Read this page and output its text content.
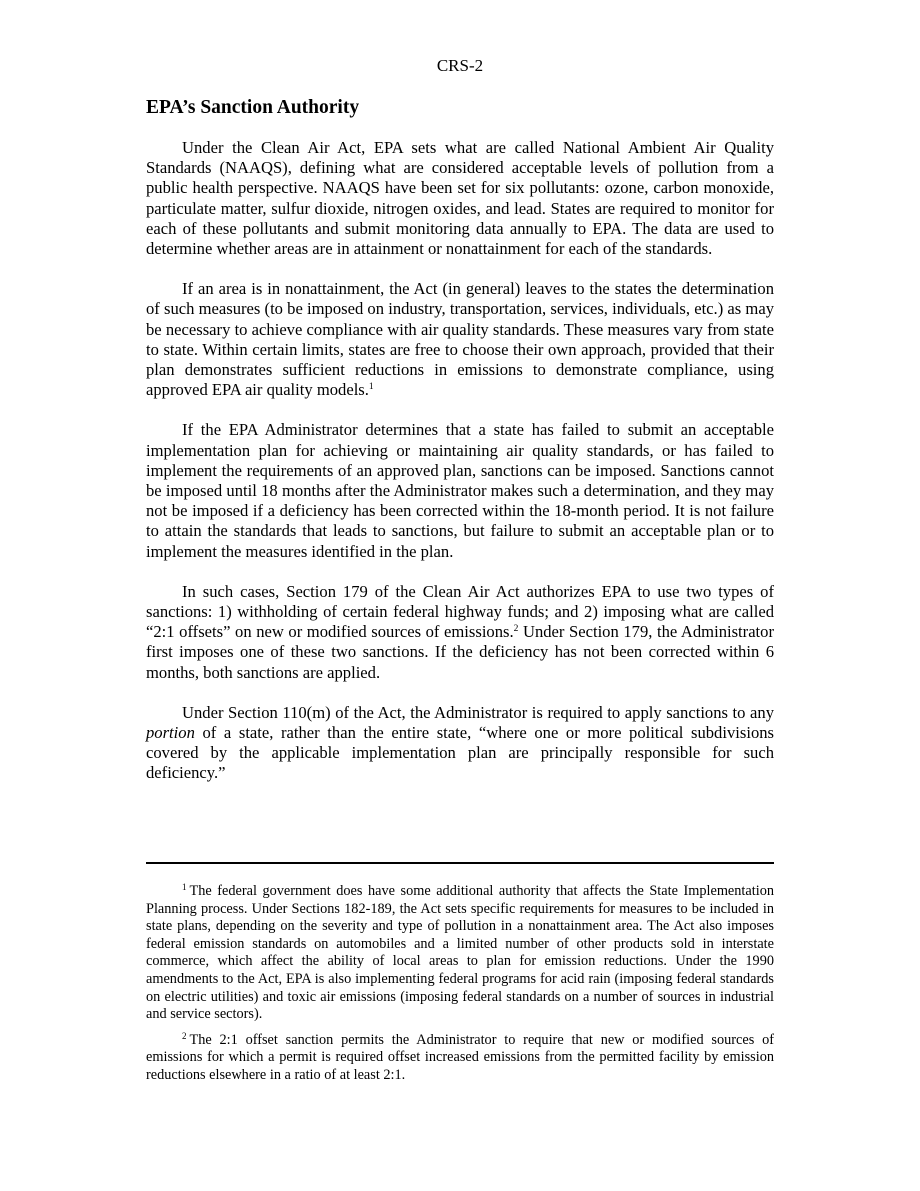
CRS-2
EPA’s Sanction Authority

Under the Clean Air Act, EPA sets what are called National Ambient Air Quality Standards (NAAQS), defining what are considered acceptable levels of pollution from a public health perspective. NAAQS have been set for six pollutants: ozone, carbon monoxide, particulate matter, sulfur dioxide, nitrogen oxides, and lead. States are required to monitor for each of these pollutants and submit monitoring data annually to EPA. The data are used to determine whether areas are in attainment or nonattainment for each of the standards.

If an area is in nonattainment, the Act (in general) leaves to the states the determination of such measures (to be imposed on industry, transportation, services, individuals, etc.) as may be necessary to achieve compliance with air quality standards. These measures vary from state to state. Within certain limits, states are free to choose their own approach, provided that their plan demonstrates sufficient reductions in emissions to demonstrate compliance, using approved EPA air quality models.$^1$

If the EPA Administrator determines that a state has failed to submit an acceptable implementation plan for achieving or maintaining air quality standards, or has failed to implement the requirements of an approved plan, sanctions can be imposed. Sanctions cannot be imposed until 18 months after the Administrator makes such a determination, and they may not be imposed if a deficiency has been corrected within the 18-month period. It is not failure to attain the standards that leads to sanctions, but failure to submit an acceptable plan or to implement the measures identified in the plan.

In such cases, Section 179 of the Clean Air Act authorizes EPA to use two types of sanctions: 1) withholding of certain federal highway funds; and 2) imposing what are called “2:1 offsets” on new or modified sources of emissions.$^2$ Under Section 179, the Administrator first imposes one of these two sanctions. If the deficiency has not been corrected within 6 months, both sanctions are applied.

Under Section 110(m) of the Act, the Administrator is required to apply sanctions to any portion of a state, rather than the entire state, “where one or more political subdivisions covered by the applicable implementation plan are principally responsible for such deficiency.”

$^1$ The federal government does have some additional authority that affects the State Implementation Planning process. Under Sections 182-189, the Act sets specific requirements for measures to be included in state plans, depending on the severity and type of pollution in a nonattainment area. The Act also imposes federal emission standards on automobiles and a limited number of other products sold in interstate commerce, which affect the ability of local areas to plan for emission reductions. Under the 1990 amendments to the Act, EPA is also implementing federal programs for acid rain (imposing federal standards on electric utilities) and toxic air emissions (imposing federal standards on a number of sources in industrial and service sectors).

$^2$ The 2:1 offset sanction permits the Administrator to require that new or modified sources of emissions for which a permit is required offset increased emissions from the permitted facility by emission reductions elsewhere in a ratio of at least 2:1.
